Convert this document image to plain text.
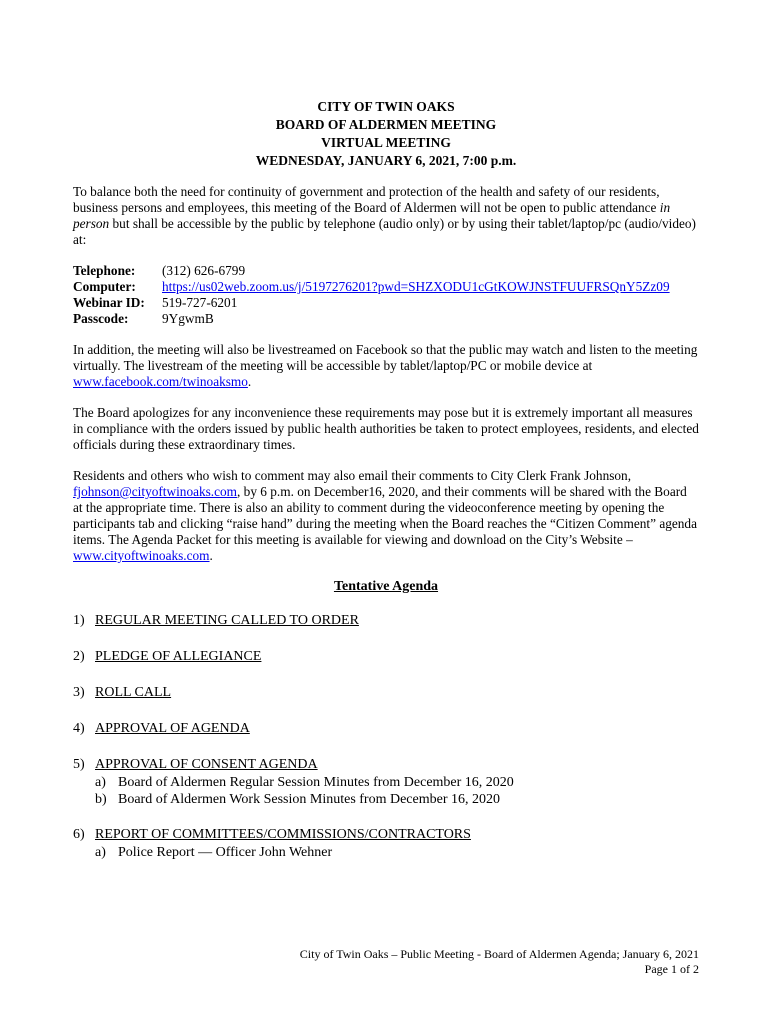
CITY OF TWIN OAKS
BOARD OF ALDERMEN MEETING
VIRTUAL MEETING
WEDNESDAY, JANUARY 6, 2021, 7:00 p.m.

To balance both the need for continuity of government and protection of the health and safety of our residents, business persons and employees, this meeting of the Board of Aldermen will not be open to public attendance in person but shall be accessible by the public by telephone (audio only) or by using their tablet/laptop/pc (audio/video) at:

Telephone:	(312) 626-6799
Computer:	https://us02web.zoom.us/j/5197276201?pwd=SHZXODU1cGtKOWJNSTFUUFRSQnY5Zz09
Webinar ID:	519-727-6201
Passcode:	9YgwmB

In addition, the meeting will also be livestreamed on Facebook so that the public may watch and listen to the meeting virtually. The livestream of the meeting will be accessible by tablet/laptop/PC or mobile device at www.facebook.com/twinoaksmo.

The Board apologizes for any inconvenience these requirements may pose but it is extremely important all measures in compliance with the orders issued by public health authorities be taken to protect employees, residents, and elected officials during these extraordinary times.

Residents and others who wish to comment may also email their comments to City Clerk Frank Johnson, fjohnson@cityoftwinoaks.com, by 6 p.m. on December16, 2020, and their comments will be shared with the Board at the appropriate time. There is also an ability to comment during the videoconference meeting by opening the participants tab and clicking “raise hand” during the meeting when the Board reaches the “Citizen Comment” agenda items. The Agenda Packet for this meeting is available for viewing and download on the City’s Website – www.cityoftwinoaks.com.

Tentative Agenda
1) REGULAR MEETING CALLED TO ORDER
2) PLEDGE OF ALLEGIANCE
3) ROLL CALL
4) APPROVAL OF AGENDA
5) APPROVAL OF CONSENT AGENDA
a) Board of Aldermen Regular Session Minutes from December 16, 2020
b) Board of Aldermen Work Session Minutes from December 16, 2020
6) REPORT OF COMMITTEES/COMMISSIONS/CONTRACTORS
a) Police Report — Officer John Wehner
City of Twin Oaks – Public Meeting - Board of Aldermen Agenda; January 6, 2021
Page 1 of 2
